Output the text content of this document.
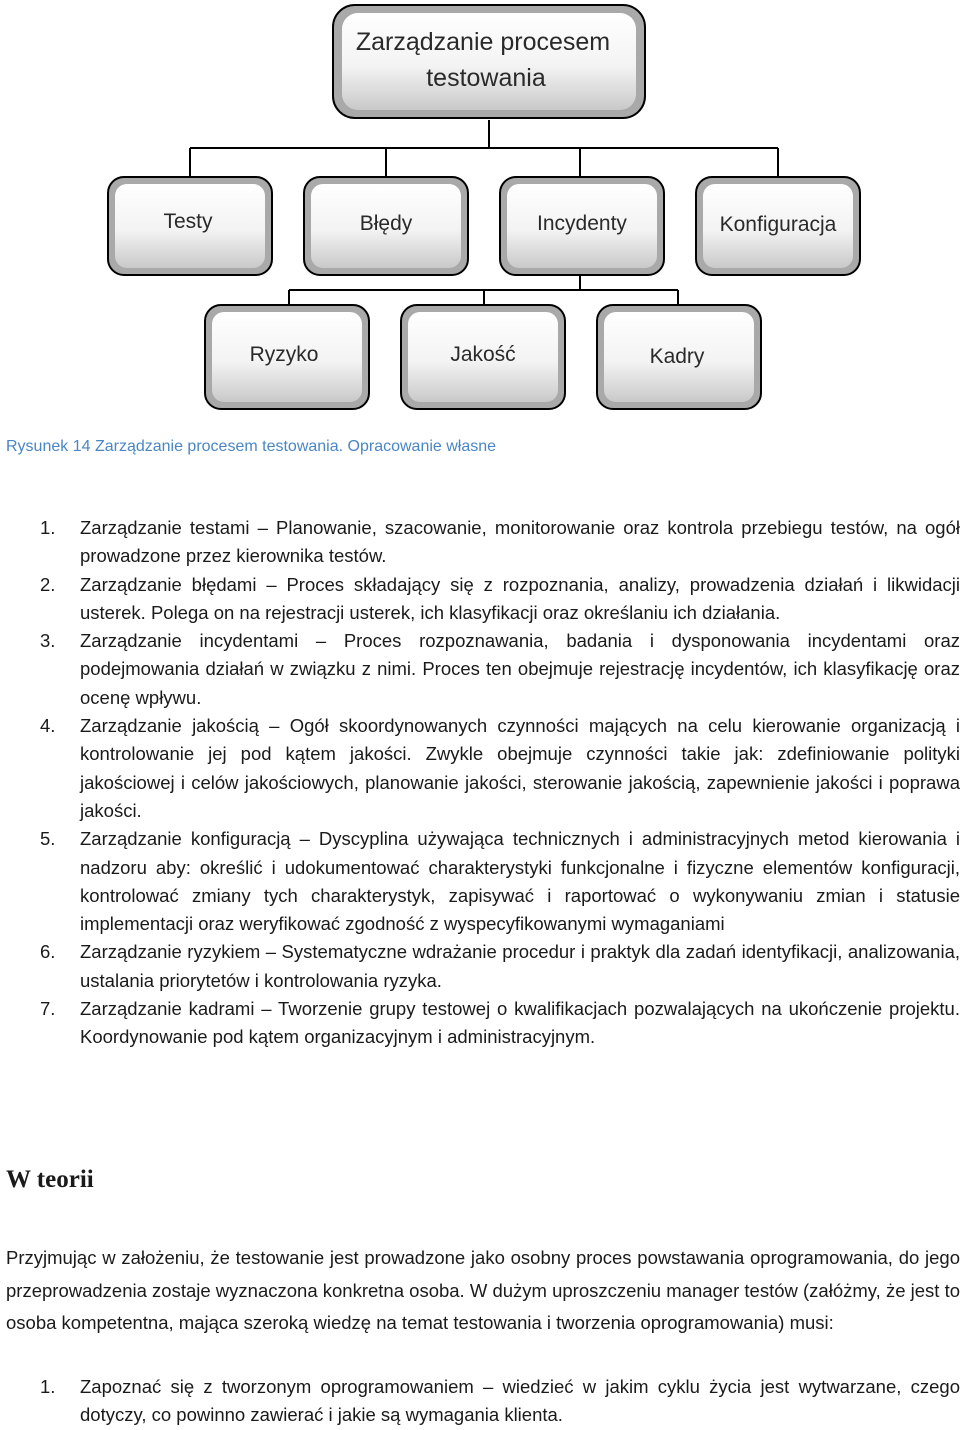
Zarządzanie procesem
testowania
Testy	Błędy	Incydenty	Konfiguracja
Ryzyko	Jakość	Kadry
Rysunek 14 Zarządzanie procesem testowania. Opracowanie własne
1. Zarządzanie testami – Planowanie, szacowanie, monitorowanie oraz kontrola przebiegu testów, na ogół prowadzone przez kierownika testów.
2. Zarządzanie błędami – Proces składający się z rozpoznania, analizy, prowadzenia działań i likwidacji usterek. Polega on na rejestracji usterek, ich klasyfikacji oraz określaniu ich działania.
3. Zarządzanie incydentami – Proces rozpoznawania, badania i dysponowania incydentami oraz podejmowania działań w związku z nimi. Proces ten obejmuje rejestrację incydentów, ich klasyfikację oraz ocenę wpływu.
4. Zarządzanie jakością – Ogół skoordynowanych czynności mających na celu kierowanie organizacją i kontrolowanie jej pod kątem jakości. Zwykle obejmuje czynności takie jak: zdefiniowanie polityki jakościowej i celów jakościowych, planowanie jakości, sterowanie jakością, zapewnienie jakości i poprawa jakości.
5. Zarządzanie konfiguracją – Dyscyplina używająca technicznych i administracyjnych metod kierowania i nadzoru aby: określić i udokumentować charakterystyki funkcjonalne i fizyczne elementów konfiguracji, kontrolować zmiany tych charakterystyk, zapisywać i raportować o wykonywaniu zmian i statusie implementacji oraz weryfikować zgodność z wyspecyfikowanymi wymaganiami
6. Zarządzanie ryzykiem – Systematyczne wdrażanie procedur i praktyk dla zadań identyfikacji, analizowania, ustalania priorytetów i kontrolowania ryzyka.
7. Zarządzanie kadrami – Tworzenie grupy testowej o kwalifikacjach pozwalających na ukończenie projektu. Koordynowanie pod kątem organizacyjnym i administracyjnym.
W teorii

Przyjmując w założeniu, że testowanie jest prowadzone jako osobny proces powstawania oprogramowania, do jego przeprowadzenia zostaje wyznaczona konkretna osoba. W dużym uproszczeniu manager testów (załóżmy, że jest to osoba kompetentna, mająca szeroką wiedzę na temat testowania i tworzenia oprogramowania) musi:

1. Zapoznać się z tworzonym oprogramowaniem – wiedzieć w jakim cyklu życia jest wytwarzane, czego dotyczy, co powinno zawierać i jakie są wymagania klienta.
